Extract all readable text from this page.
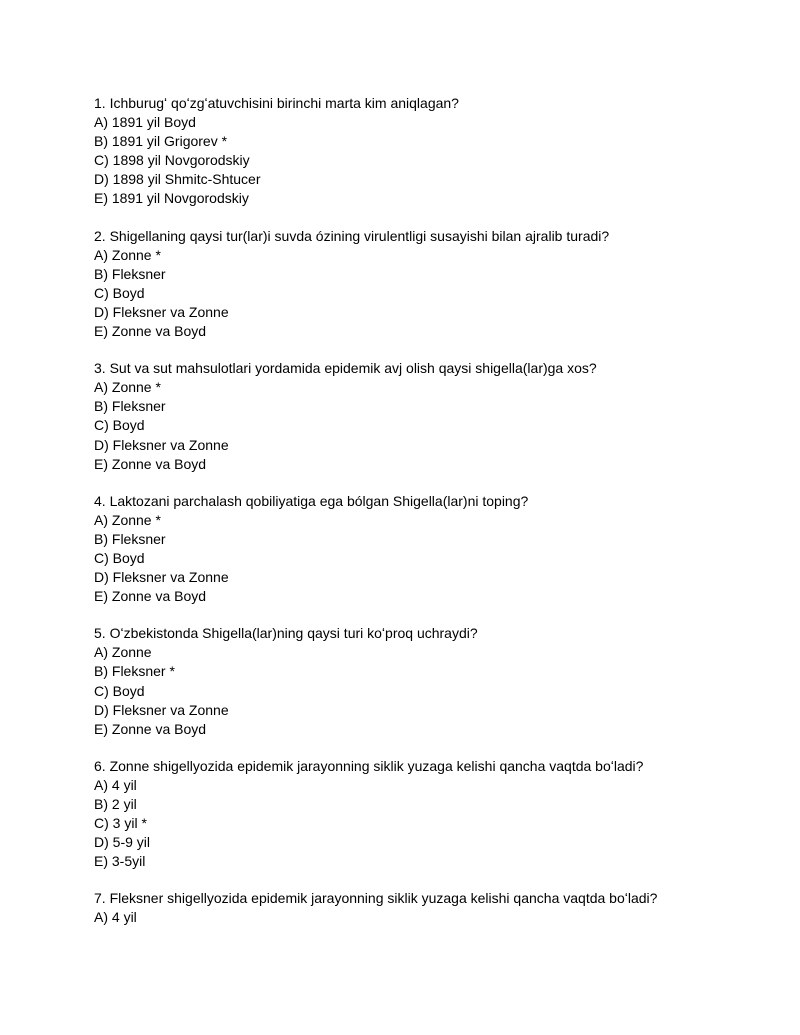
1. Ichburugʻ qoʻzgʻatuvchisini birinchi marta kim aniqlagan?
A) 1891 yil Boyd
B) 1891 yil Grigorev *
C) 1898 yil Novgorodskiy
D) 1898 yil Shmitc-Shtucer
E) 1891 yil Novgorodskiy
2. Shigellaning qaysi tur(lar)i suvda ózining virulentligi susayishi bilan ajralib turadi?
A) Zonne *
B) Fleksner
C) Boyd
D) Fleksner va Zonne
E) Zonne va Boyd
3. Sut va sut mahsulotlari yordamida epidemik avj olish qaysi shigella(lar)ga xos?
A) Zonne *
B) Fleksner
C) Boyd
D) Fleksner va Zonne
E) Zonne va Boyd
4. Laktozani parchalash qobiliyatiga ega bólgan Shigella(lar)ni toping?
A) Zonne *
B) Fleksner
C) Boyd
D) Fleksner va Zonne
E) Zonne va Boyd
5. Oʻzbekistonda Shigella(lar)ning qaysi turi koʻproq uchraydi?
A) Zonne
B) Fleksner *
C) Boyd
D) Fleksner va Zonne
E) Zonne va Boyd
6. Zonne shigellyozida epidemik jarayonning siklik yuzaga kelishi qancha vaqtda boʻladi?
A) 4 yil
B) 2 yil
C) 3 yil *
D) 5-9 yil
E) 3-5yil
7. Fleksner shigellyozida epidemik jarayonning siklik yuzaga kelishi qancha vaqtda boʻladi?
A) 4 yil
